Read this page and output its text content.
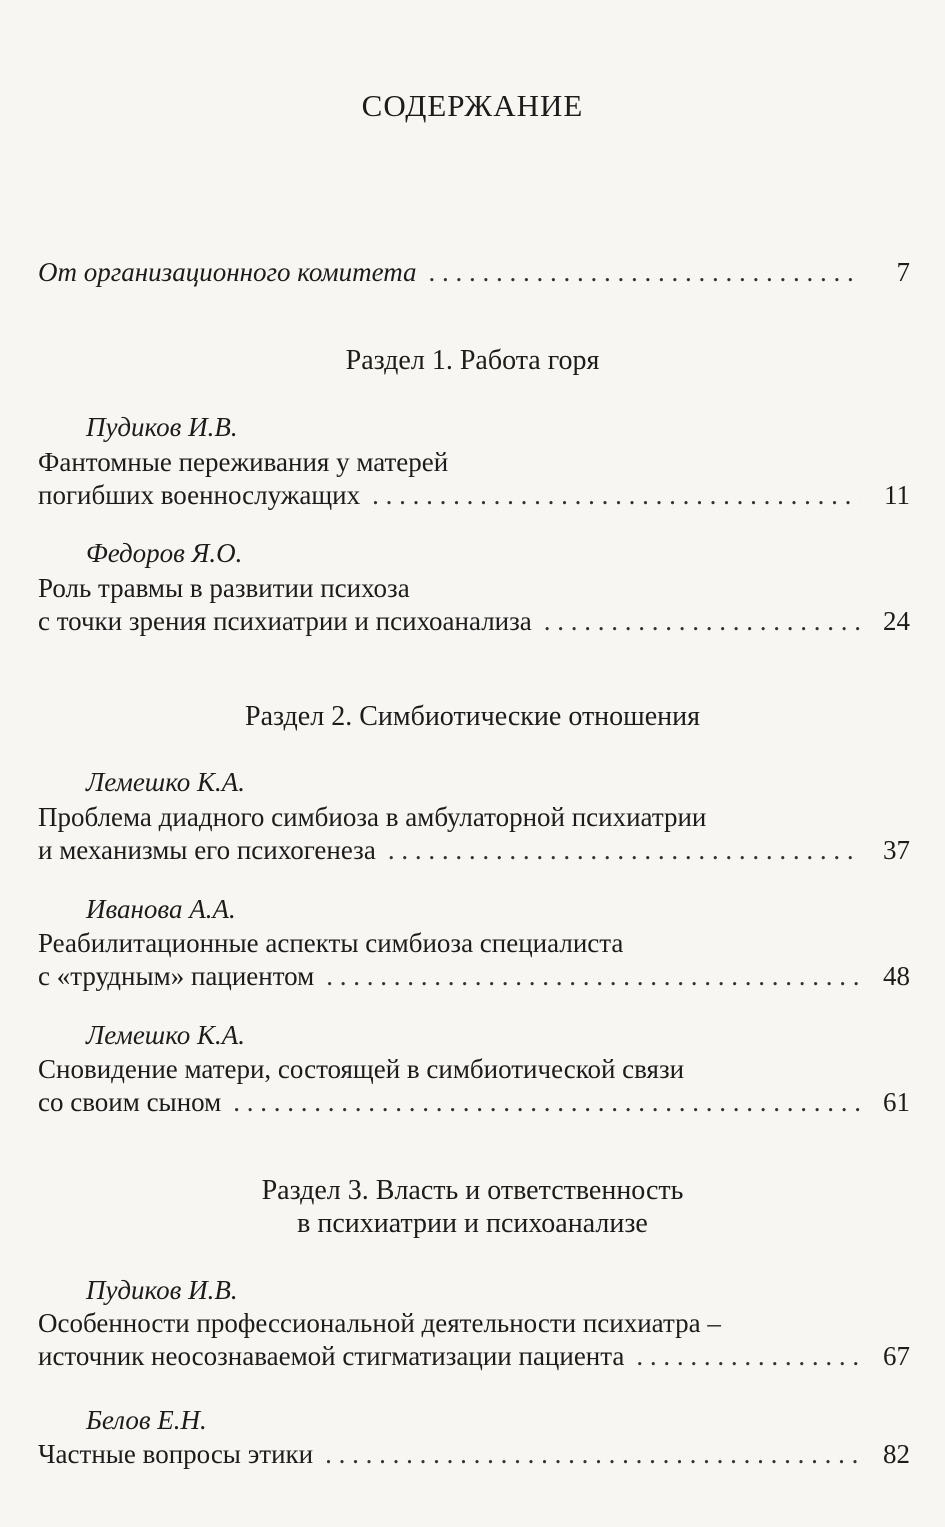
СОДЕРЖАНИЕ
От организационного комитета . . .	7
Раздел 1. Работа горя
Пудиков И.В.
Фантомные переживания у матерей
погибших военнослужащих . . .	11
Федоров Я.О.
Роль травмы в развитии психоза
с точки зрения психиатрии и психоанализа . . .	24
Раздел 2. Симбиотические отношения
Лемешко К.А.
Проблема диадного симбиоза в амбулаторной психиатрии
и механизмы его психогенеза . . .	37
Иванова А.А.
Реабилитационные аспекты симбиоза специалиста
с «трудным» пациентом . . .	48
Лемешко К.А.
Сновидение матери, состоящей в симбиотической связи
со своим сыном . . .	61
Раздел 3. Власть и ответственность
в психиатрии и психоанализе
Пудиков И.В.
Особенности профессиональной деятельности психиатра –
источник неосознаваемой стигматизации пациента . . .	67
Белов Е.Н.
Частные вопросы этики . . .	82
